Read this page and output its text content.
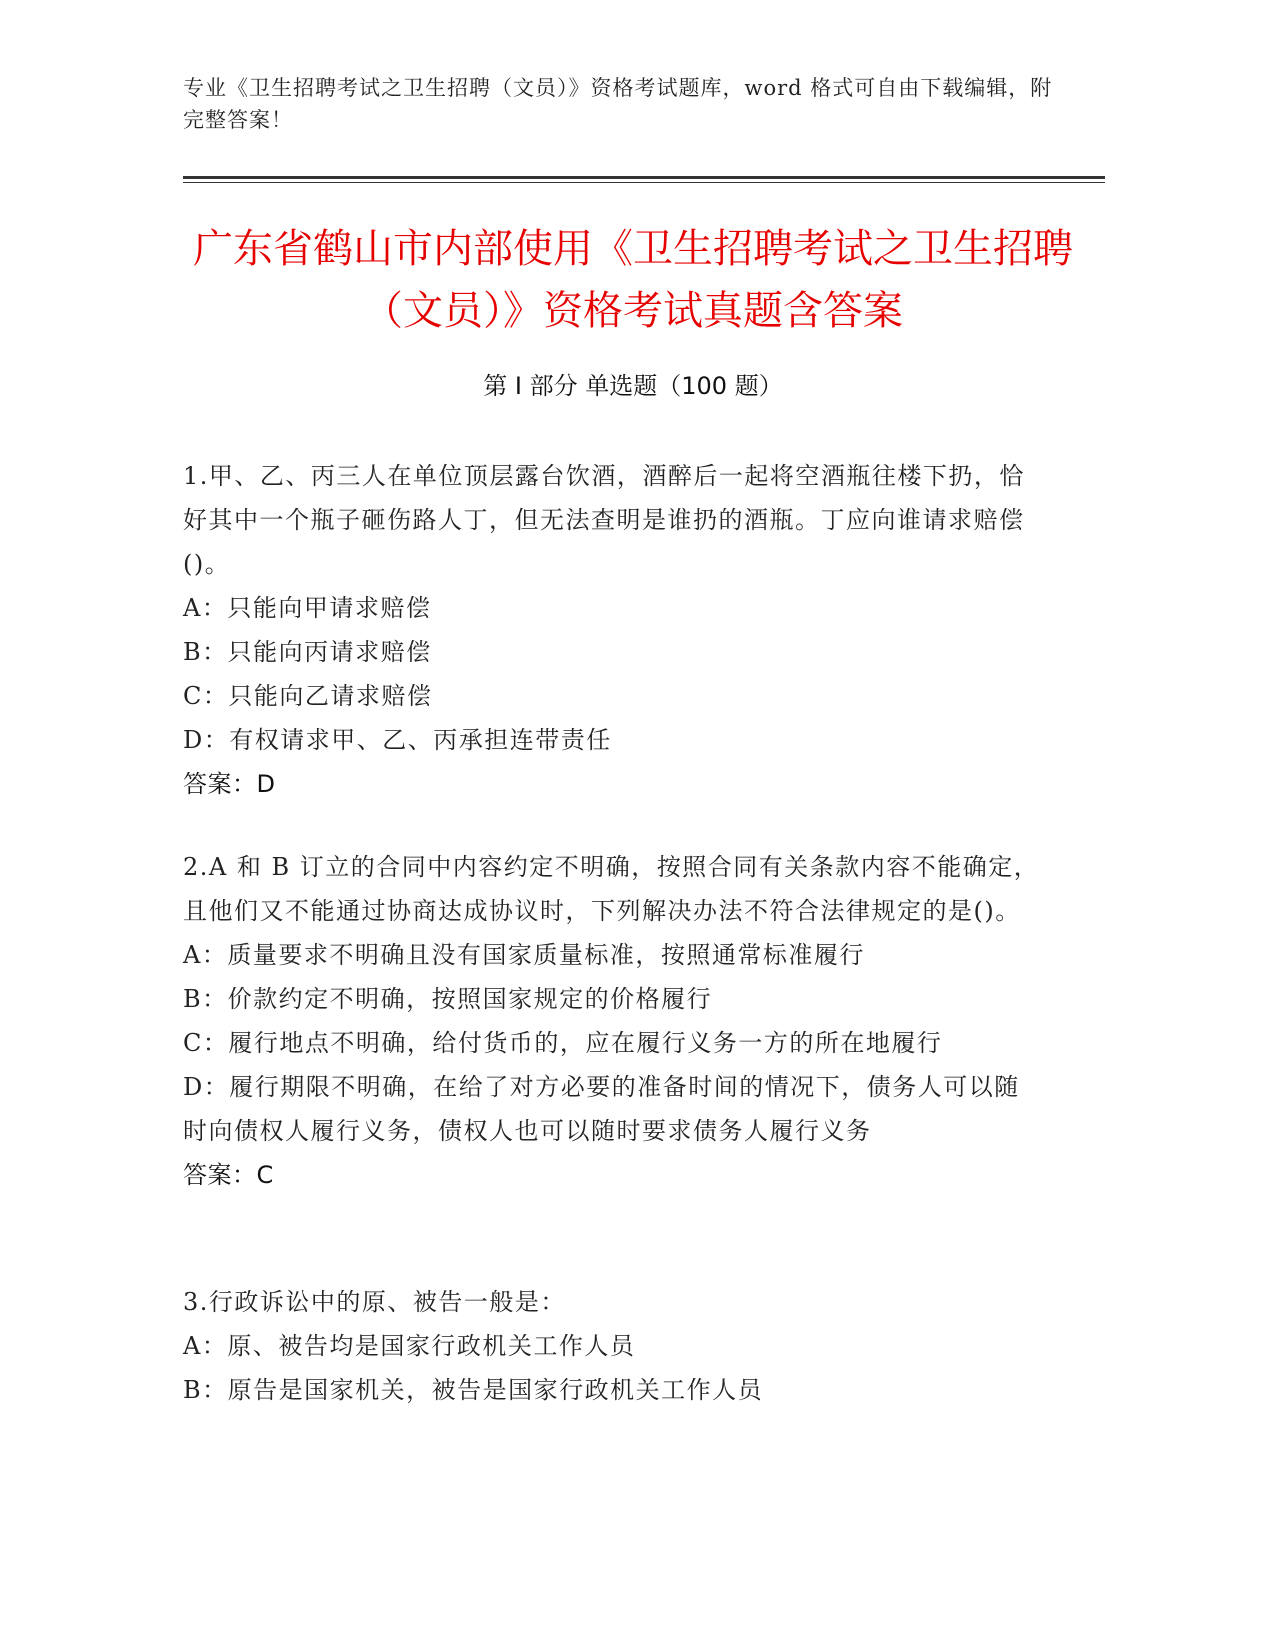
专业《卫生招聘考试之卫生招聘（文员）》资格考试题库，word 格式可自由下载编辑，附完整答案！
广东省鹤山市内部使用《卫生招聘考试之卫生招聘（文员）》资格考试真题含答案
第 I 部分 单选题（100 题）
1.甲、乙、丙三人在单位顶层露台饮酒，酒醉后一起将空酒瓶往楼下扔，恰好其中一个瓶子砸伤路人丁，但无法查明是谁扔的酒瓶。丁应向谁请求赔偿()。
A：只能向甲请求赔偿
B：只能向丙请求赔偿
C：只能向乙请求赔偿
D：有权请求甲、乙、丙承担连带责任
答案：D
2.A 和 B 订立的合同中内容约定不明确，按照合同有关条款内容不能确定，且他们又不能通过协商达成协议时，下列解决办法不符合法律规定的是()。
A：质量要求不明确且没有国家质量标准，按照通常标准履行
B：价款约定不明确，按照国家规定的价格履行
C：履行地点不明确，给付货币的，应在履行义务一方的所在地履行
D：履行期限不明确，在给了对方必要的准备时间的情况下，债务人可以随时向债权人履行义务，债权人也可以随时要求债务人履行义务
答案：C
3.行政诉讼中的原、被告一般是：
A：原、被告均是国家行政机关工作人员
B：原告是国家机关，被告是国家行政机关工作人员
